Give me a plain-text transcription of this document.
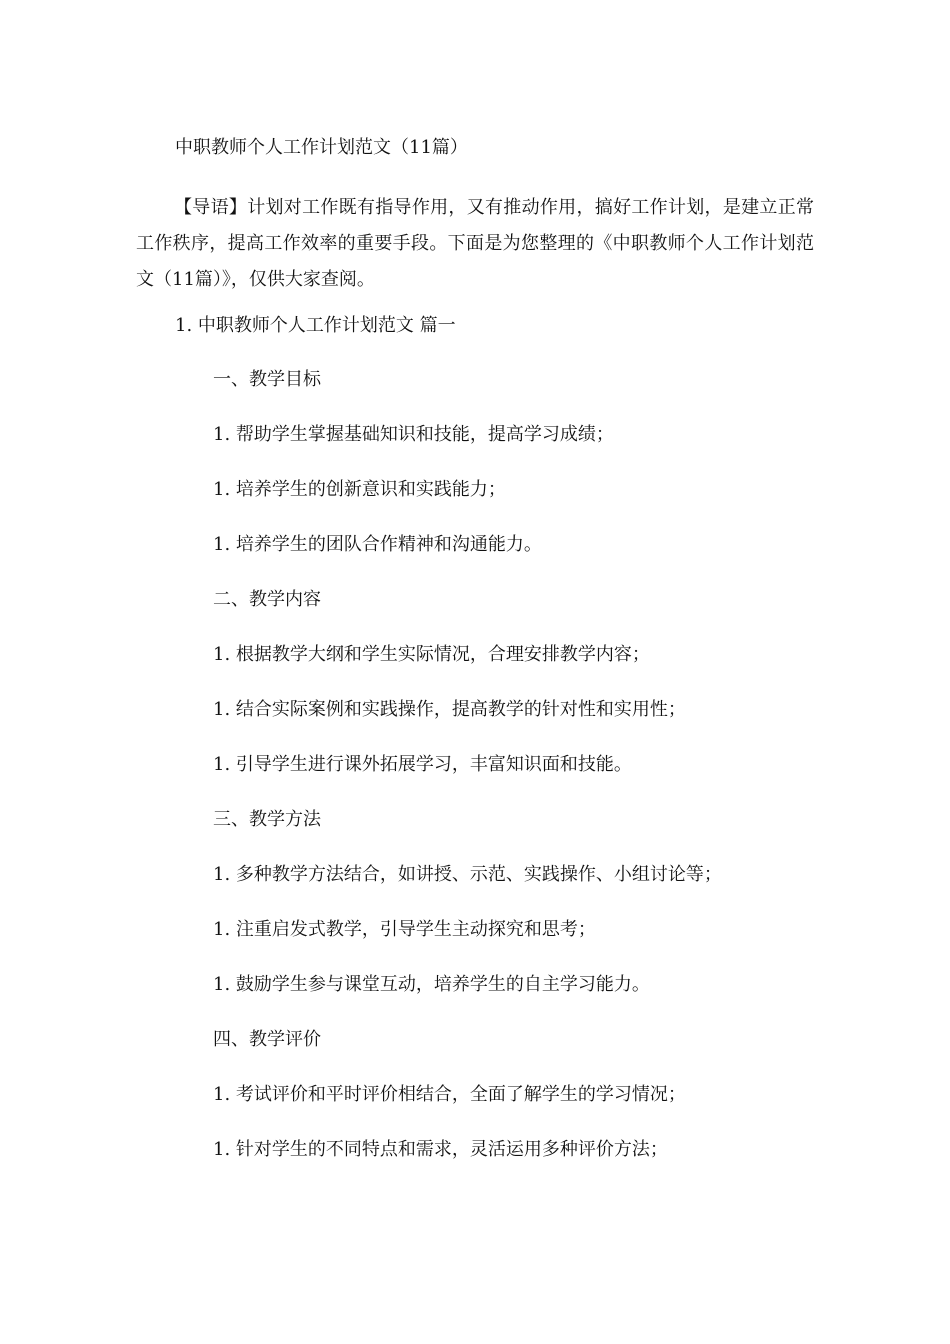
中职教师个人工作计划范文（11篇）

【导语】计划对工作既有指导作用，又有推动作用，搞好工作计划，是建立正常工作秩序，提高工作效率的重要手段。下面是为您整理的《中职教师个人工作计划范文（11篇）》，仅供大家查阅。

1. 中职教师个人工作计划范文 篇一

一、教学目标

1. 帮助学生掌握基础知识和技能，提高学习成绩；

1. 培养学生的创新意识和实践能力；

1. 培养学生的团队合作精神和沟通能力。

二、教学内容

1. 根据教学大纲和学生实际情况，合理安排教学内容；

1. 结合实际案例和实践操作，提高教学的针对性和实用性；

1. 引导学生进行课外拓展学习，丰富知识面和技能。

三、教学方法

1. 多种教学方法结合，如讲授、示范、实践操作、小组讨论等；

1. 注重启发式教学，引导学生主动探究和思考；

1. 鼓励学生参与课堂互动，培养学生的自主学习能力。

四、教学评价

1. 考试评价和平时评价相结合，全面了解学生的学习情况；

1. 针对学生的不同特点和需求，灵活运用多种评价方法；
